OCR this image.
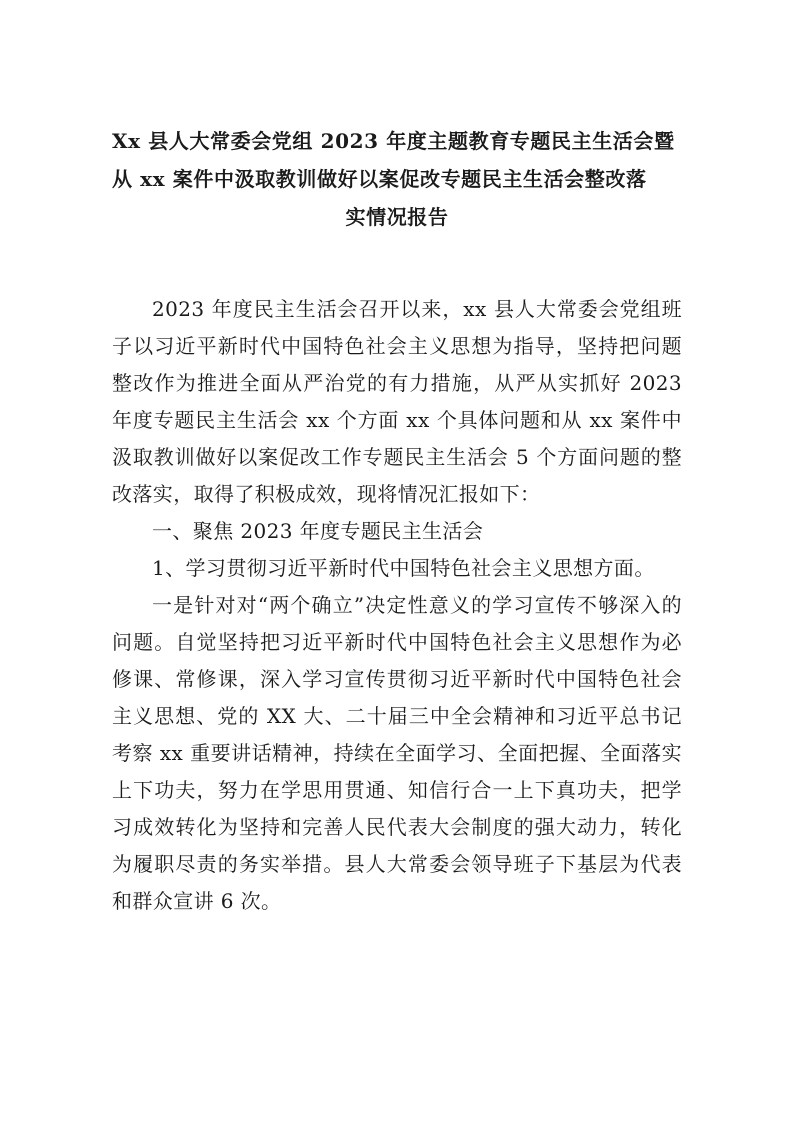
Xx 县人大常委会党组 2023 年度主题教育专题民主生活会暨
从 xx 案件中汲取教训做好以案促改专题民主生活会整改落
实情况报告

2023 年度民主生活会召开以来，xx 县人大常委会党组班子以习近平新时代中国特色社会主义思想为指导，坚持把问题整改作为推进全面从严治党的有力措施，从严从实抓好 2023 年度专题民主生活会 xx 个方面 xx 个具体问题和从 xx 案件中汲取教训做好以案促改工作专题民主生活会 5 个方面问题的整改落实，取得了积极成效，现将情况汇报如下：

一、聚焦 2023 年度专题民主生活会

1、学习贯彻习近平新时代中国特色社会主义思想方面。

一是针对对“两个确立”决定性意义的学习宣传不够深入的问题。自觉坚持把习近平新时代中国特色社会主义思想作为必修课、常修课，深入学习宣传贯彻习近平新时代中国特色社会主义思想、党的 XX 大、二十届三中全会精神和习近平总书记考察 xx 重要讲话精神，持续在全面学习、全面把握、全面落实上下功夫，努力在学思用贯通、知信行合一上下真功夫，把学习成效转化为坚持和完善人民代表大会制度的强大动力，转化为履职尽责的务实举措。县人大常委会领导班子下基层为代表和群众宣讲 6 次。
